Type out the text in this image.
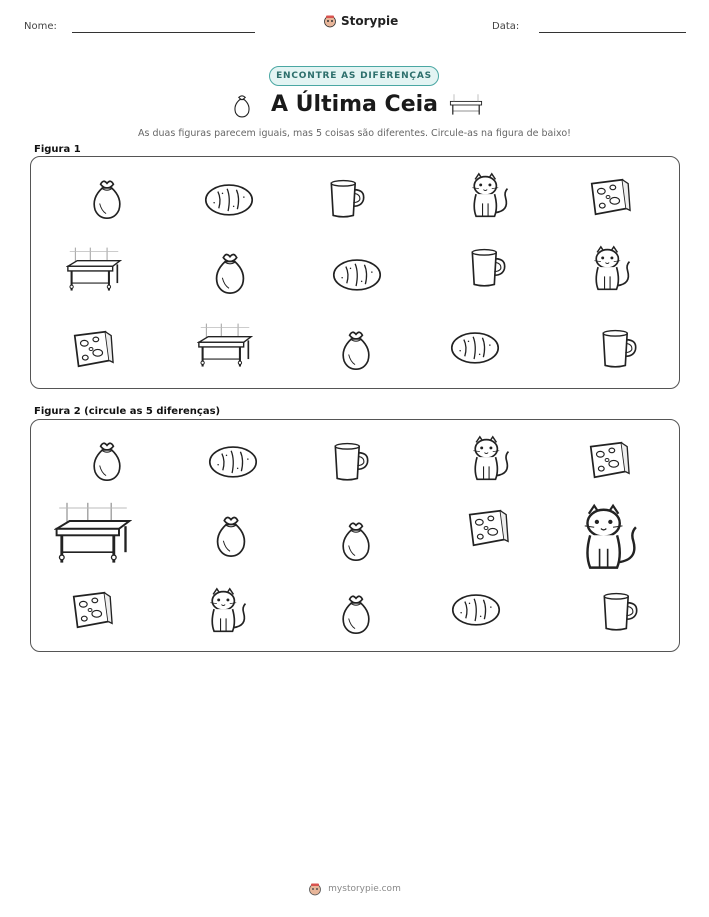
Nome:	Storypie	Data:
ENCONTRE AS DIFERENÇAS
A Última Ceia
As duas figuras parecem iguais, mas 5 coisas são diferentes. Circule-as na figura de baixo!
Figura 1
Figura 2 (circule as 5 diferenças)
mystorypie.com
